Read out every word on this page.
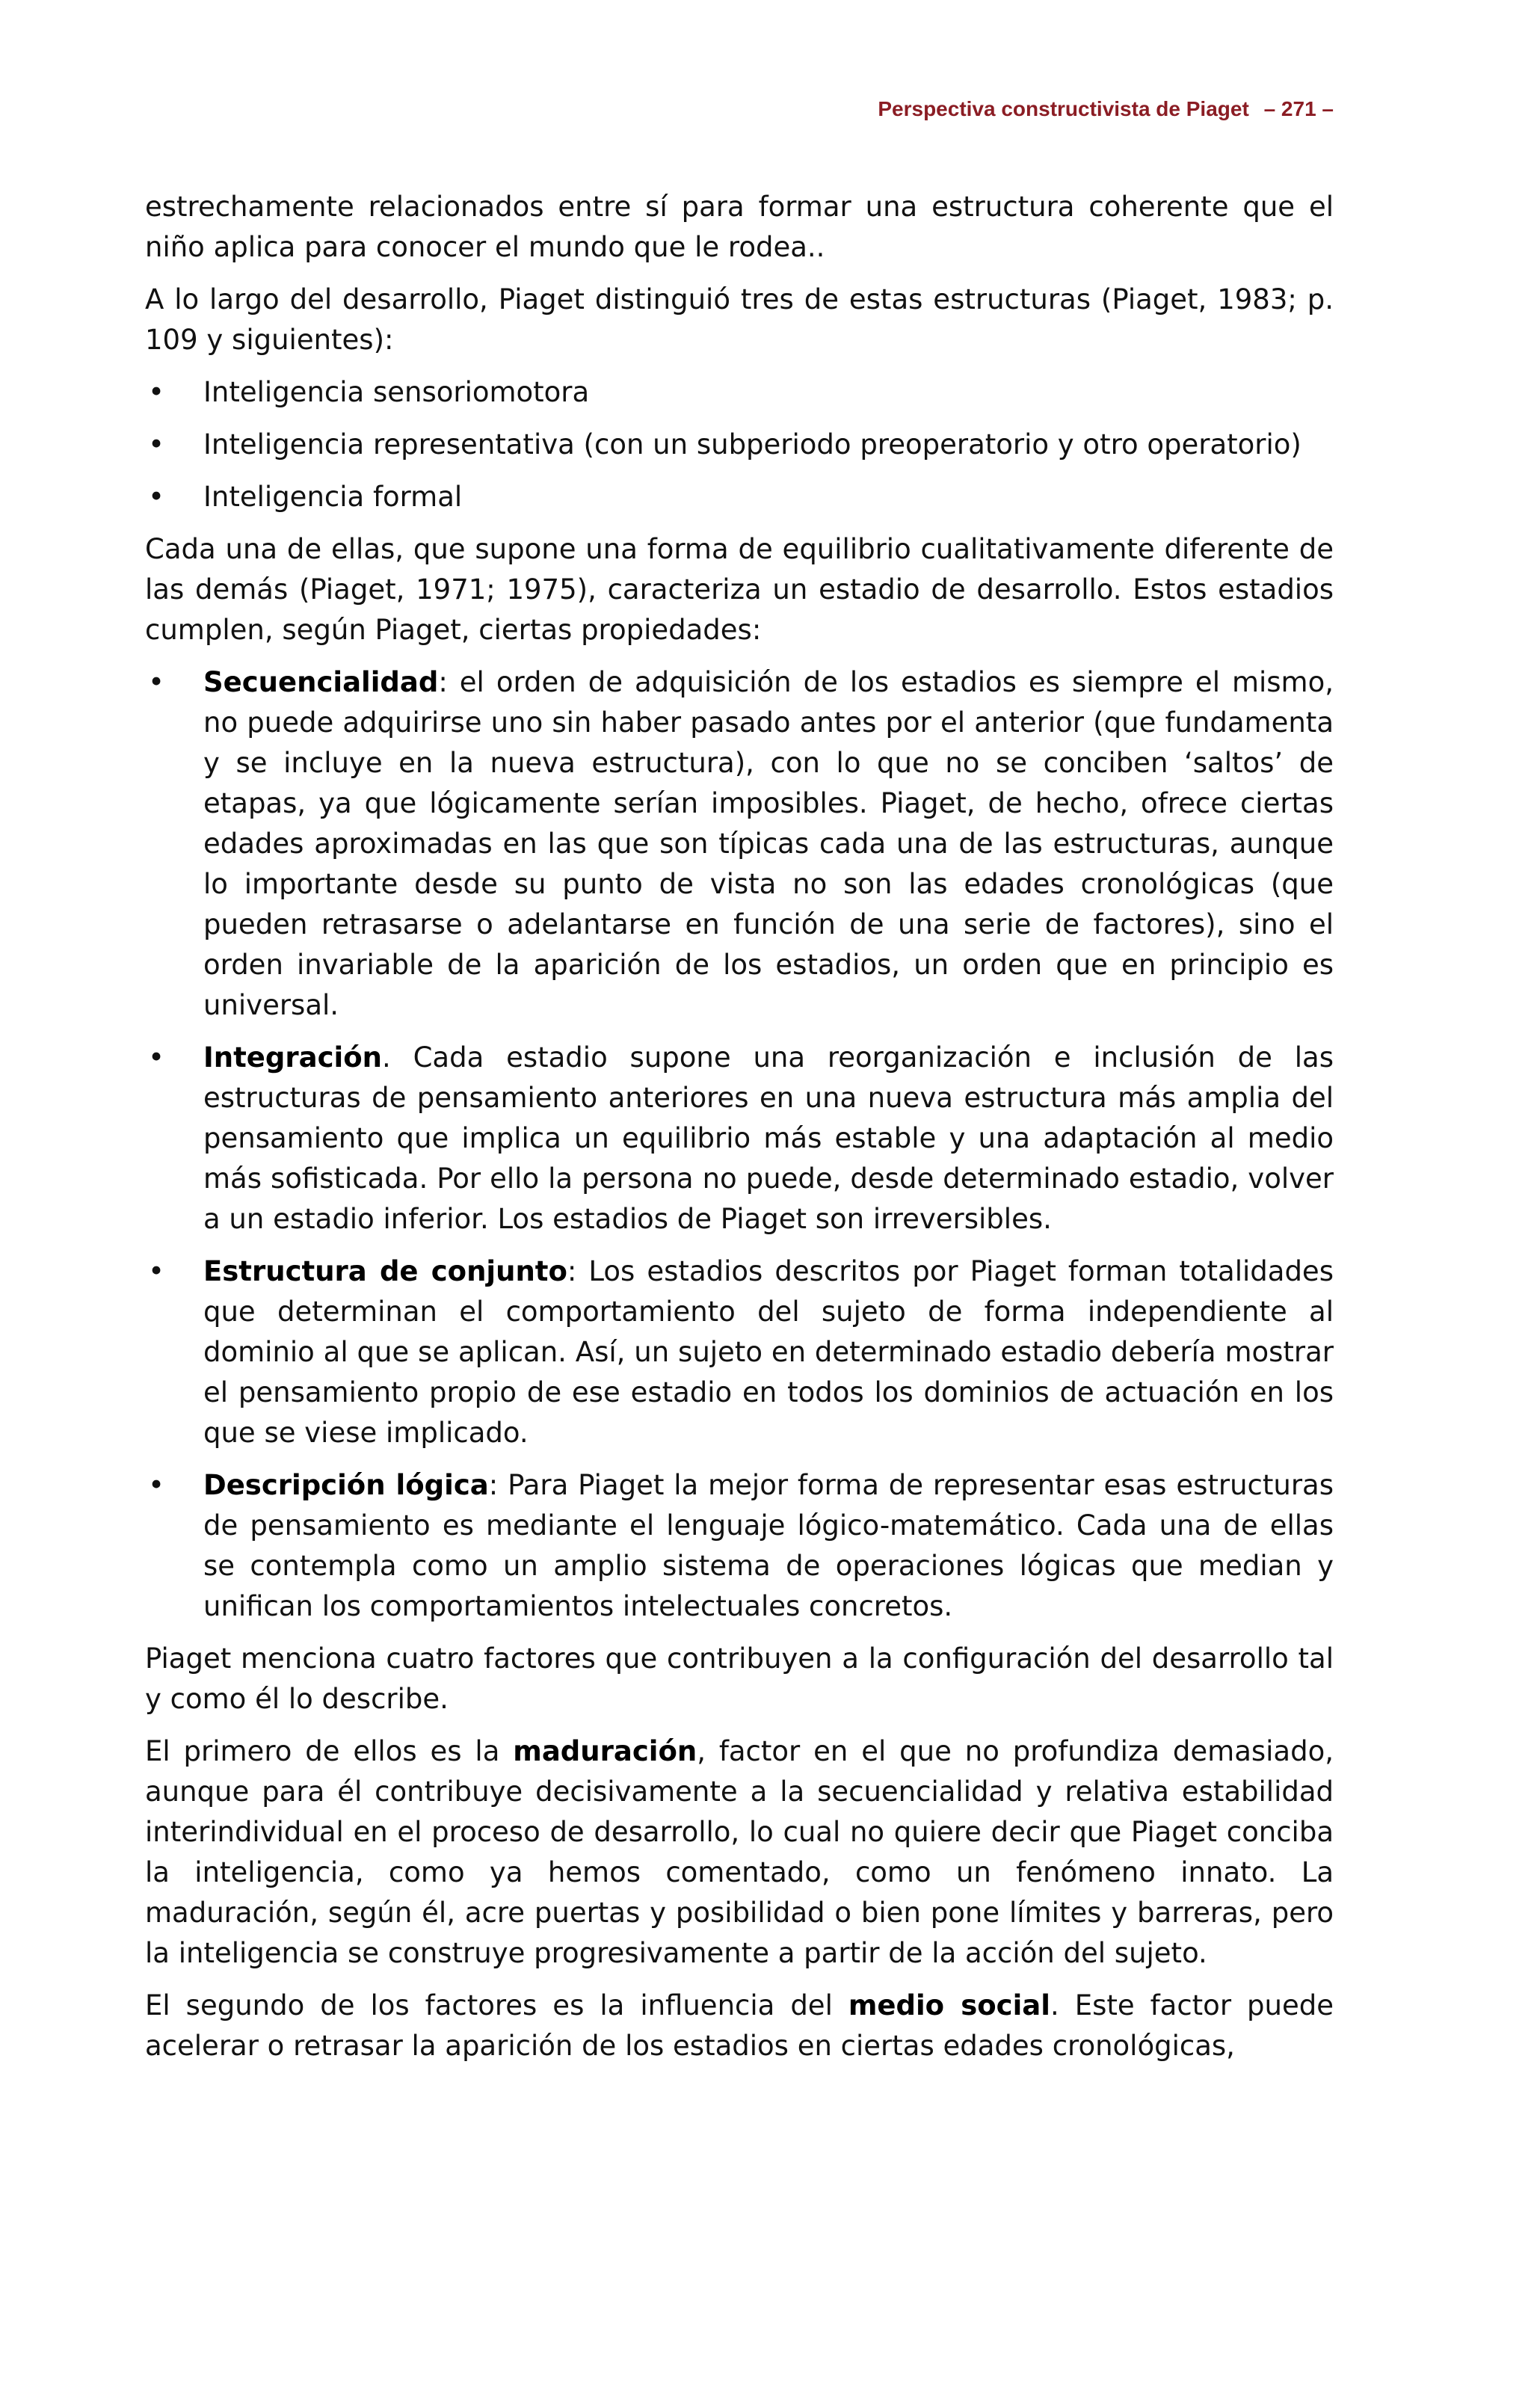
Perspectiva constructivista de Piaget – 271 –

estrechamente relacionados entre sí para formar una estructura coherente que el niño aplica para conocer el mundo que le rodea..

A lo largo del desarrollo, Piaget distinguió tres de estas estructuras (Piaget, 1983; p. 109 y siguientes):

• Inteligencia sensoriomotora
• Inteligencia representativa (con un subperiodo preoperatorio y otro operatorio)
• Inteligencia formal

Cada una de ellas, que supone una forma de equilibrio cualitativamente diferente de las demás (Piaget, 1971; 1975), caracteriza un estadio de desarrollo. Estos estadios cumplen, según Piaget, ciertas propiedades:

• Secuencialidad: el orden de adquisición de los estadios es siempre el mismo, no puede adquirirse uno sin haber pasado antes por el anterior (que fundamenta y se incluye en la nueva estructura), con lo que no se conciben ‘saltos’ de etapas, ya que lógicamente serían imposibles. Piaget, de hecho, ofrece ciertas edades aproximadas en las que son típicas cada una de las estructuras, aunque lo importante desde su punto de vista no son las edades cronológicas (que pueden retrasarse o adelantarse en función de una serie de factores), sino el orden invariable de la aparición de los estadios, un orden que en principio es universal.
• Integración. Cada estadio supone una reorganización e inclusión de las estructuras de pensamiento anteriores en una nueva estructura más amplia del pensamiento que implica un equilibrio más estable y una adaptación al medio más sofisticada. Por ello la persona no puede, desde determinado estadio, volver a un estadio inferior. Los estadios de Piaget son irreversibles.
• Estructura de conjunto: Los estadios descritos por Piaget forman totalidades que determinan el comportamiento del sujeto de forma independiente al dominio al que se aplican. Así, un sujeto en determinado estadio debería mostrar el pensamiento propio de ese estadio en todos los dominios de actuación en los que se viese implicado.
• Descripción lógica: Para Piaget la mejor forma de representar esas estructuras de pensamiento es mediante el lenguaje lógico-matemático. Cada una de ellas se contempla como un amplio sistema de operaciones lógicas que median y unifican los comportamientos intelectuales concretos.

Piaget menciona cuatro factores que contribuyen a la configuración del desarrollo tal y como él lo describe.

El primero de ellos es la maduración, factor en el que no profundiza demasiado, aunque para él contribuye decisivamente a la secuencialidad y relativa estabilidad interindividual en el proceso de desarrollo, lo cual no quiere decir que Piaget conciba la inteligencia, como ya hemos comentado, como un fenómeno innato. La maduración, según él, acre puertas y posibilidad o bien pone límites y barreras, pero la inteligencia se construye progresivamente a partir de la acción del sujeto.

El segundo de los factores es la influencia del medio social. Este factor puede acelerar o retrasar la aparición de los estadios en ciertas edades cronológicas,
